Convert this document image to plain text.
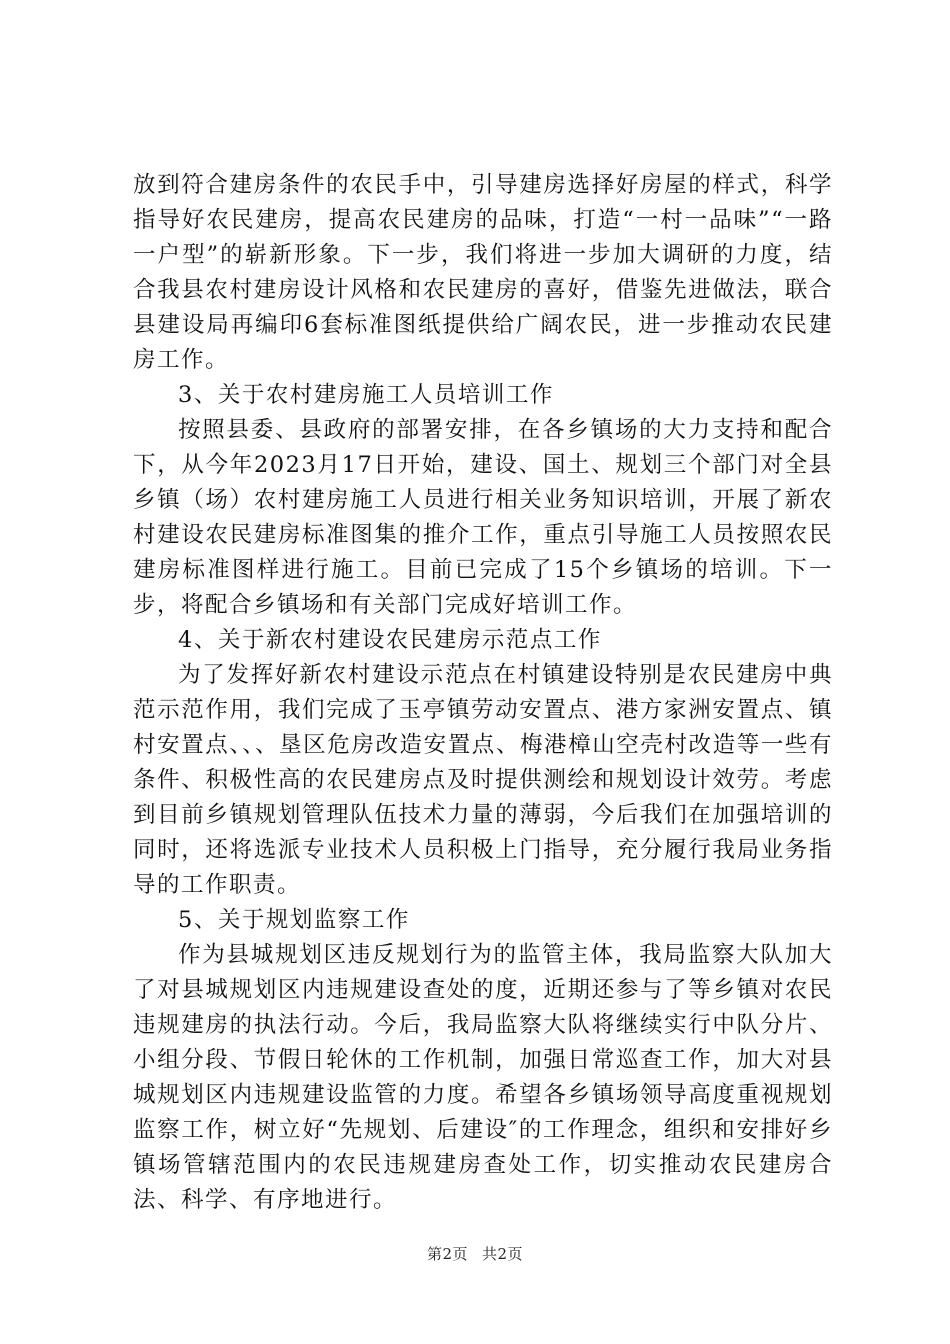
放到符合建房条件的农民手中，引导建房选择好房屋的样式，科学指导好农民建房，提高农民建房的品味，打造“一村一品味”“一路一户型”的崭新形象。下一步，我们将进一步加大调研的力度，结合我县农村建房设计风格和农民建房的喜好，借鉴先进做法，联合县建设局再编印6套标准图纸提供给广阔农民，进一步推动农民建房工作。

3、关于农村建房施工人员培训工作

按照县委、县政府的部署安排，在各乡镇场的大力支持和配合下，从今年2023月17日开始，建设、国土、规划三个部门对全县乡镇（场）农村建房施工人员进行相关业务知识培训，开展了新农村建设农民建房标准图集的推介工作，重点引导施工人员按照农民建房标准图样进行施工。目前已完成了15个乡镇场的培训。下一步，将配合乡镇场和有关部门完成好培训工作。

4、关于新农村建设农民建房示范点工作

为了发挥好新农村建设示范点在村镇建设特别是农民建房中典范示范作用，我们完成了玉亭镇劳动安置点、港方家洲安置点、镇村安置点、、、垦区危房改造安置点、梅港樟山空壳村改造等一些有条件、积极性高的农民建房点及时提供测绘和规划设计效劳。考虑到目前乡镇规划管理队伍技术力量的薄弱，今后我们在加强培训的同时，还将选派专业技术人员积极上门指导，充分履行我局业务指导的工作职责。

5、关于规划监察工作

作为县城规划区违反规划行为的监管主体，我局监察大队加大了对县城规划区内违规建设查处的度，近期还参与了等乡镇对农民违规建房的执法行动。今后，我局监察大队将继续实行中队分片、小组分段、节假日轮休的工作机制，加强日常巡查工作，加大对县城规划区内违规建设监管的力度。希望各乡镇场领导高度重视规划监察工作，树立好“先规划、后建设″的工作理念，组织和安排好乡镇场管辖范围内的农民违规建房查处工作，切实推动农民建房合法、科学、有序地进行。

第2页 共2页
